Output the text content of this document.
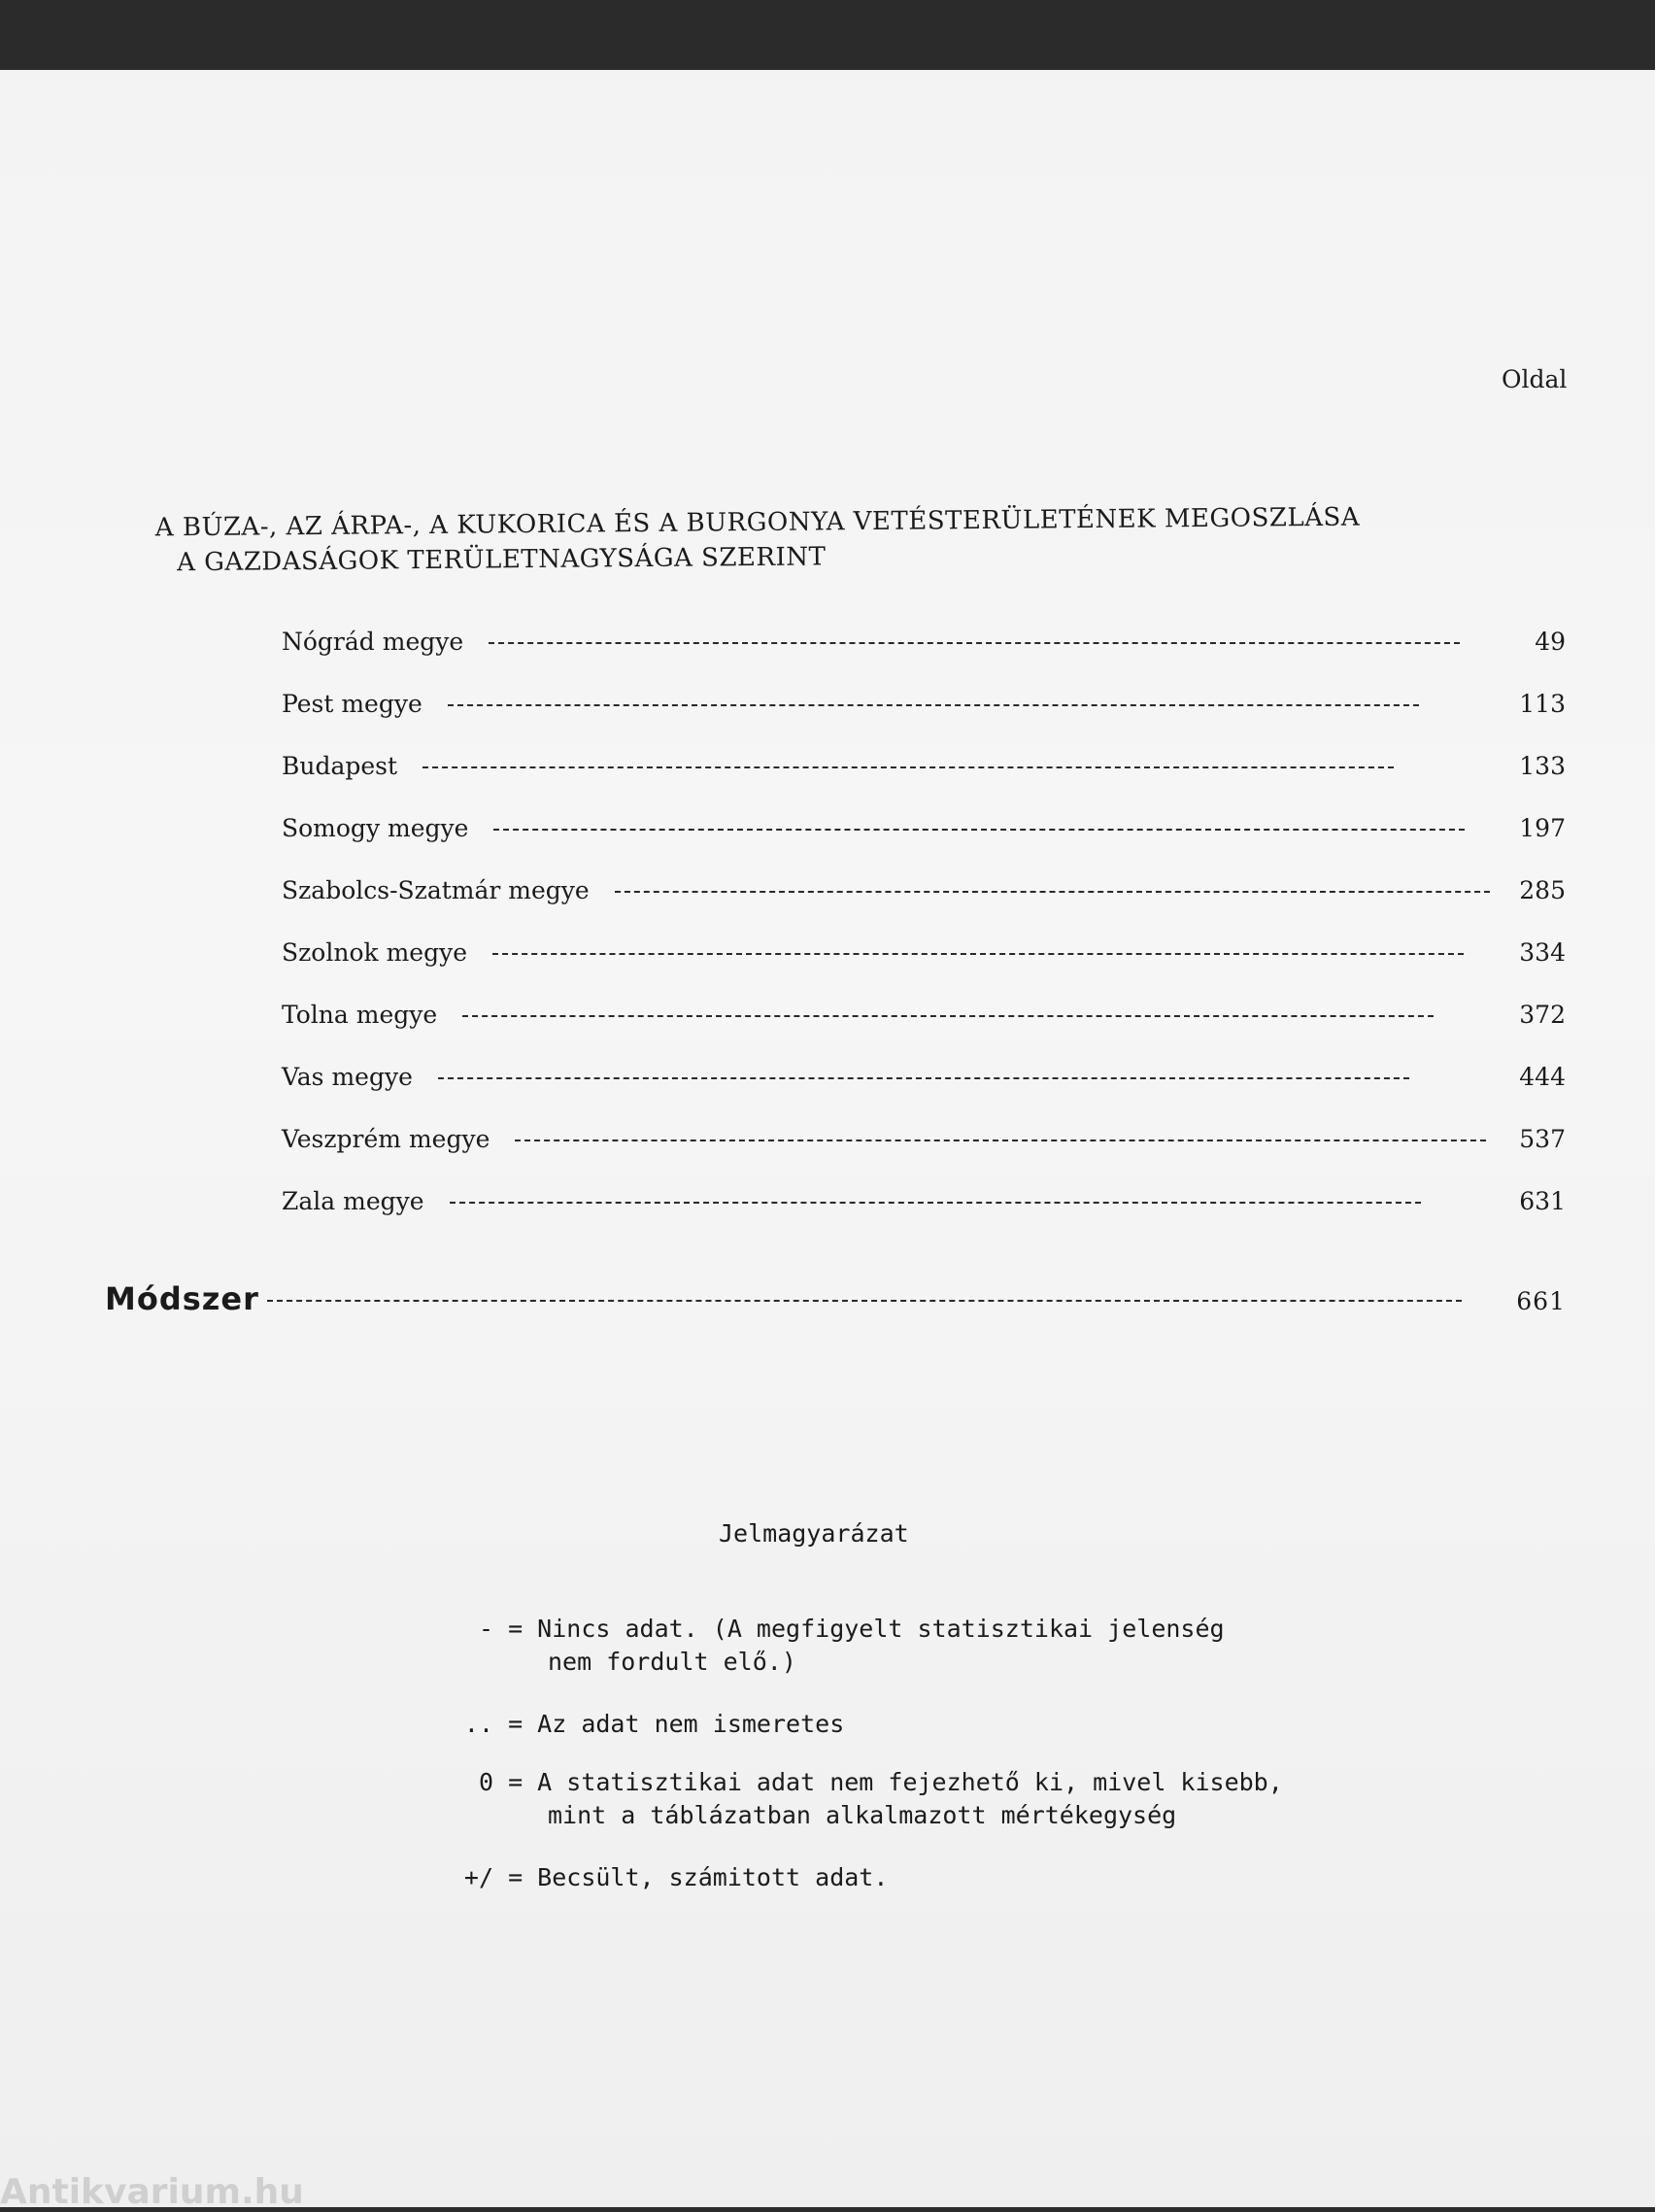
Oldal
A BÚZA-, AZ ÁRPA-, A KUKORICA ÉS A BURGONYA VETÉSTERÜLETÉNEK MEGOSZLÁSA
A GAZDASÁGOK TERÜLETNAGYSÁGA SZERINT
Nógrád megye	49
Pest megye	113
Budapest	133
Somogy megye	197
Szabolcs-Szatmár megye	285
Szolnok megye	334
Tolna megye	372
Vas megye	444
Veszprém megye	537
Zala megye	631
Módszer	661
Jelmagyarázat
- = Nincs adat. (A megfigyelt statisztikai jelenség
nem fordult elő.)
.. = Az adat nem ismeretes
0 = A statisztikai adat nem fejezhető ki, mivel kisebb,
mint a táblázatban alkalmazott mértékegység
+/ = Becsült, számitott adat.
Antikvarium.hu
